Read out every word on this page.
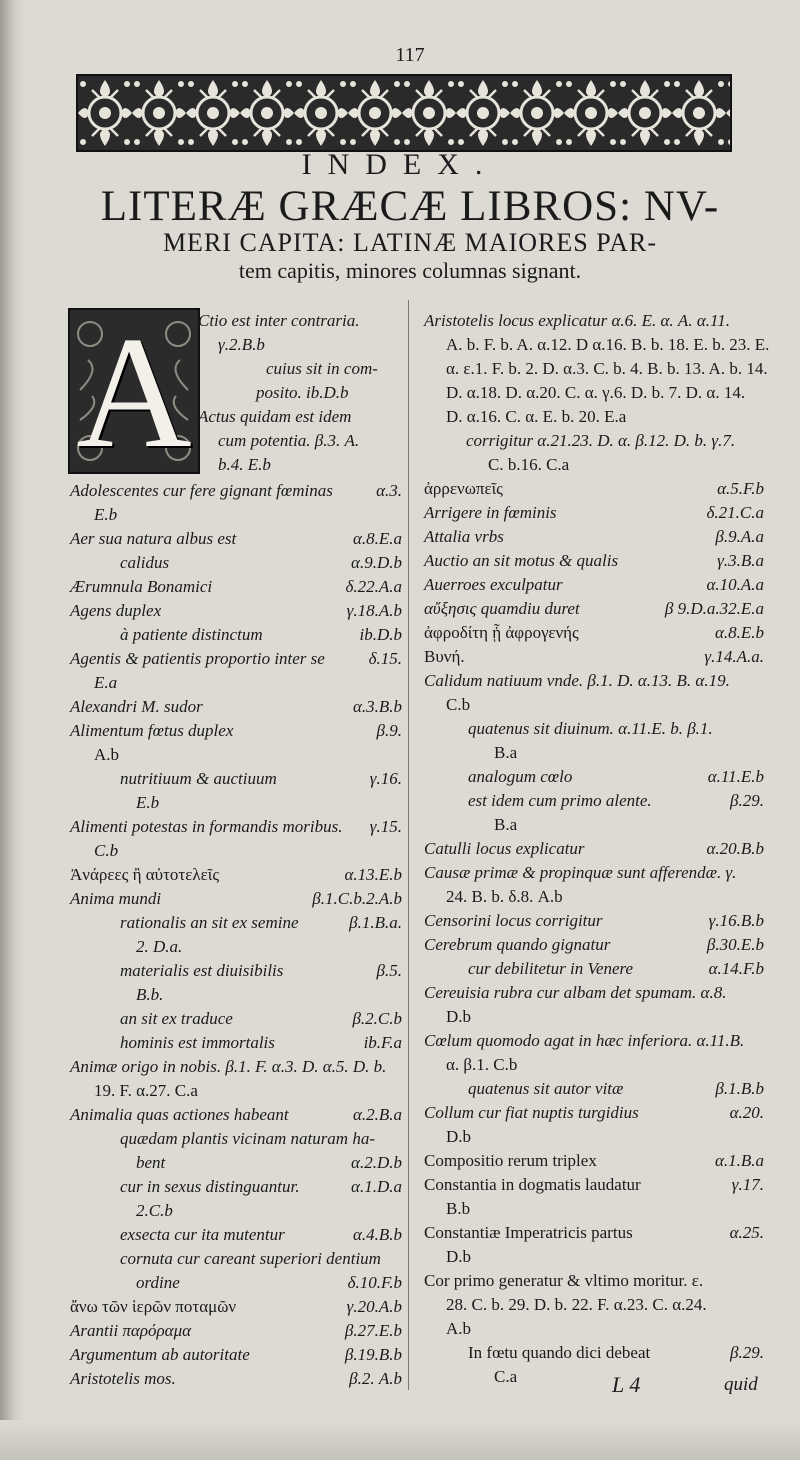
117
INDEX.
LITERÆ GRÆCÆ LIBROS: NV-
MERI CAPITA: LATINÆ MAIORES PAR-
tem capitis, minores columnas signant.
A Ctio est inter contraria.
γ.2.B.b
cuius sit in com-
posito. ib.D.b
Actus quidam est idem
cum potentia. β.3. A.
b.4. E.b
Adolescentes cur fere gignant fœminas	α.3.
E.b
Aer sua natura albus est	α.8.E.a
calidus	α.9.D.b
Ærumnula Bonamici	δ.22.A.a
Agens duplex	γ.18.A.b
à patiente distinctum	ib.D.b
Agentis & patientis proportio inter se	δ.15.
E.a
Alexandri M. sudor	α.3.B.b
Alimentum fœtus duplex	β.9.
A.b
nutritiuum & auctiuum	γ.16.
E.b
Alimenti potestas in formandis moribus. γ.15.
C.b
Ἀνάρεες ἢ αὐτοτελεῖς	α.13.E.b
Anima mundi	β.1.C.b.2.A.b
rationalis an sit ex semine	β.1.B.a.
2. D.a.
materialis est diuisibilis	β.5.
B.b.
an sit ex traduce	β.2.C.b
hominis est immortalis	ib.F.a
Animæ origo in nobis. β.1. F. α.3. D. α.5. D. b.
19. F. α.27. C.a
Animalia quas actiones habeant	α.2.B.a
quædam plantis vicinam naturam ha-
bent	α.2.D.b
cur in sexus distinguantur.	α.1.D.a
2.C.b
exsecta cur ita mutentur	α.4.B.b
cornuta cur careant superiori dentium
ordine	δ.10.F.b
ἄνω τῶν ἱερῶν ποταμῶν	γ.20.A.b
Arantii παρόραμα	β.27.E.b
Argumentum ab autoritate	β.19.B.b
Aristotelis mos.	β.2. A.b
Aristotelis locus explicatur α.6. E. α. A. α.11.
A. b. F. b. A. α.12. D α.16. B. b. 18. E. b. 23. E.
α. ε.1. F. b. 2. D. α.3. C. b. 4. B. b. 13. A. b. 14.
D. α.18. D. α.20. C. α. γ.6. D. b. 7. D. α. 14.
D. α.16. C. α. E. b. 20. E.a
corrigitur α.21.23. D. α. β.12. D. b. γ.7.
C. b.16. C.a
ἀρρενωπεῖς	α.5.F.b
Arrigere in fœminis	δ.21.C.a
Attalia vrbs	β.9.A.a
Auctio an sit motus & qualis	γ.3.B.a
Auerroes exculpatur	α.10.A.a
αὔξησις quamdiu duret	β 9.D.a.32.E.a
ἀφροδίτη ᾗ ἀφρογενής	α.8.E.b
Βυνή.	γ.14.A.a.
Calidum natiuum vnde. β.1. D. α.13. B. α.19.
C.b
quatenus sit diuinum. α.11.E. b. β.1.
B.a
analogum cœlo	α.11.E.b
est idem cum primo alente.	β.29.
B.a
Catulli locus explicatur	α.20.B.b
Causæ primæ & propinquæ sunt afferendæ. γ.
24. B. b. δ.8. A.b
Censorini locus corrigitur	γ.16.B.b
Cerebrum quando gignatur	β.30.E.b
cur debilitetur in Venere	α.14.F.b
Cereuisia rubra cur albam det spumam. α.8.
D.b
Cœlum quomodo agat in hæc inferiora. α.11.B.
α. β.1. C.b
quatenus sit autor vitæ	β.1.B.b
Collum cur fiat nuptis turgidius	α.20.
D.b
Compositio rerum triplex	α.1.B.a
Constantia in dogmatis laudatur	γ.17.
B.b
Constantiæ Imperatricis partus	α.25.
D.b
Cor primo generatur & vltimo moritur. ε.
28. C. b. 29. D. b. 22. F. α.23. C. α.24.
A.b
In fœtu quando dici debeat	β.29.
C.a	L 4	quid
